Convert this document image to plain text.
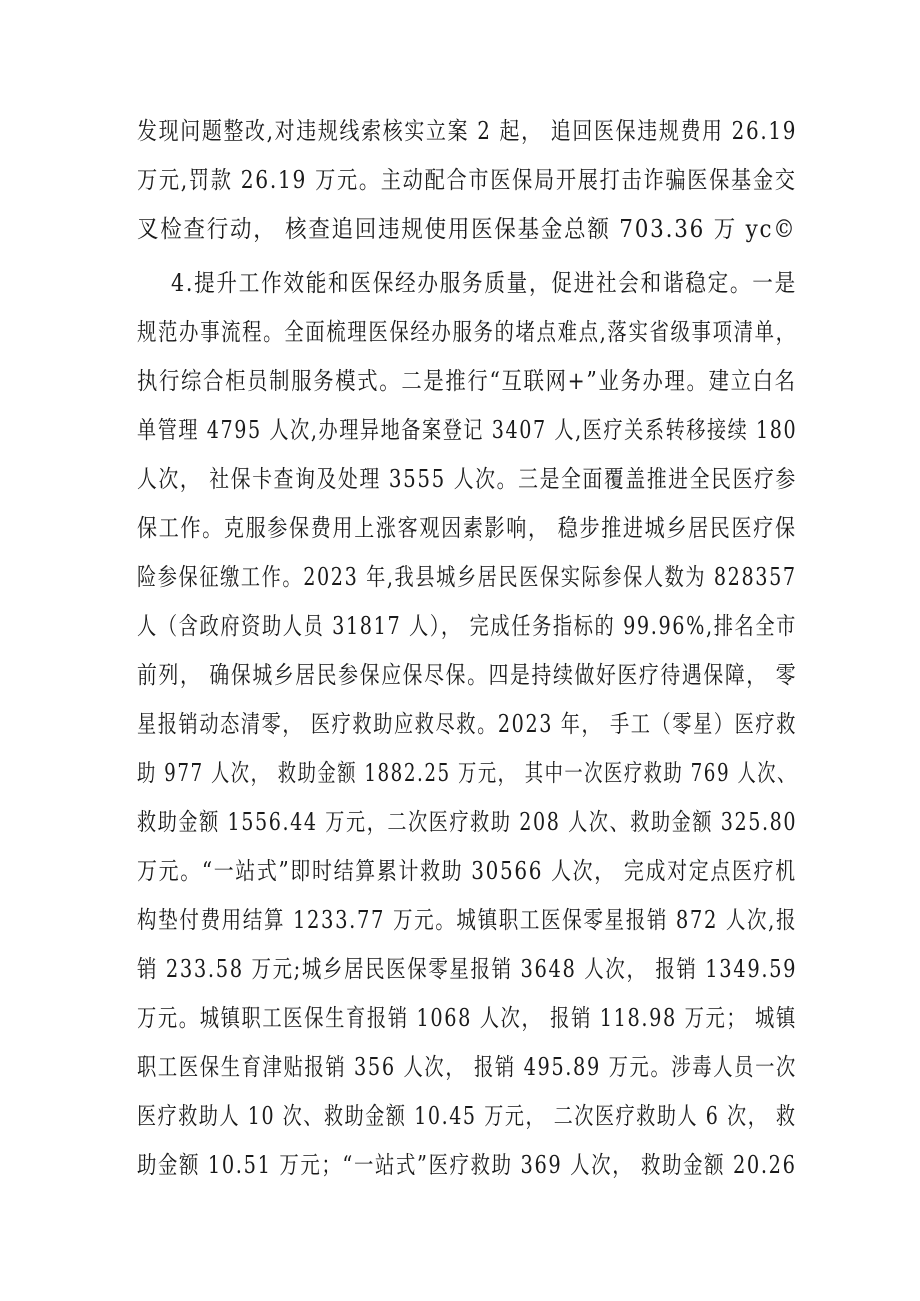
发现问题整改,对违规线索核实立案 2 起， 追回医保违规费用 26.19
万元,罚款 26.19 万元。主动配合市医保局开展打击诈骗医保基金交
叉检查行动， 核查追回违规使用医保基金总额 703.36 万 yc©
4.提升工作效能和医保经办服务质量，促进社会和谐稳定。一是
规范办事流程。全面梳理医保经办服务的堵点难点,落实省级事项清单，
执行综合柜员制服务模式。二是推行“互联网+”业务办理。建立白名
单管理 4795 人次,办理异地备案登记 3407 人,医疗关系转移接续 180
人次， 社保卡查询及处理 3555 人次。三是全面覆盖推进全民医疗参
保工作。克服参保费用上涨客观因素影响， 稳步推进城乡居民医疗保
险参保征缴工作。2023 年,我县城乡居民医保实际参保人数为 828357
人（含政府资助人员 31817 人）， 完成任务指标的 99.96%,排名全市
前列， 确保城乡居民参保应保尽保。四是持续做好医疗待遇保障， 零
星报销动态清零， 医疗救助应救尽救。2023 年， 手工（零星）医疗救
助 977 人次， 救助金额 1882.25 万元， 其中一次医疗救助 769 人次、
救助金额 1556.44 万元，二次医疗救助 208 人次、救助金额 325.80
万元。“一站式”即时结算累计救助 30566 人次， 完成对定点医疗机
构垫付费用结算 1233.77 万元。城镇职工医保零星报销 872 人次,报
销 233.58 万元;城乡居民医保零星报销 3648 人次， 报销 1349.59
万元。城镇职工医保生育报销 1068 人次， 报销 118.98 万元； 城镇
职工医保生育津贴报销 356 人次， 报销 495.89 万元。涉毒人员一次
医疗救助人 10 次、救助金额 10.45 万元， 二次医疗救助人 6 次， 救
助金额 10.51 万元；“一站式”医疗救助 369 人次， 救助金额 20.26
